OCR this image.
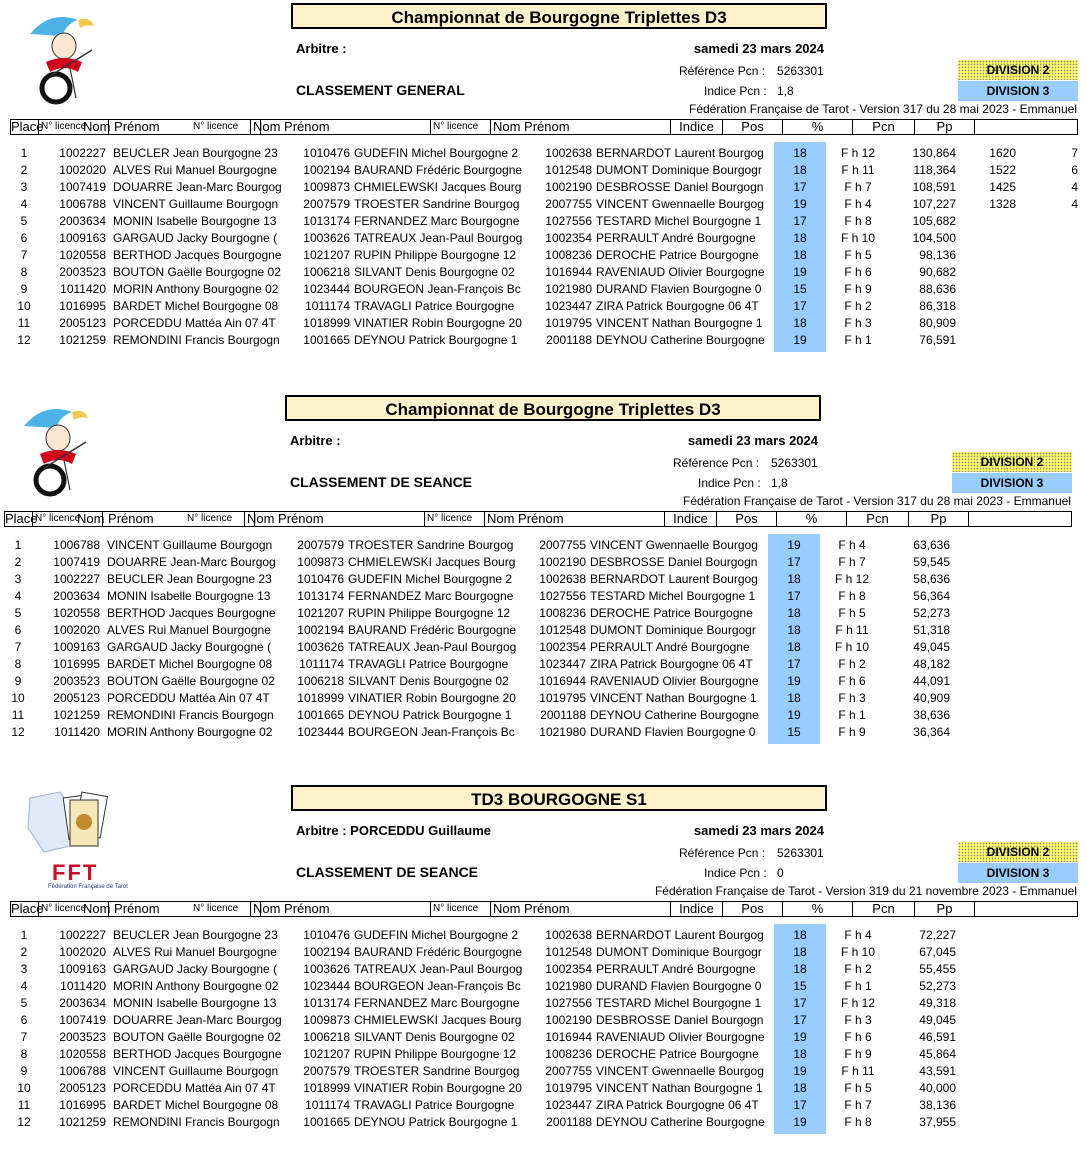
Championnat de Bourgogne Triplettes D3
Arbitre :	samedi 23 mars 2024
Référence Pcn : 5263301
Indice Pcn : 1,8
CLASSEMENT GENERAL
DIVISION 2
DIVISION 3
Fédération Française de Tarot - Version 317 du 28 mai 2023 - Emmanuel
Place
N° licence
Nom Prénom	N° licence	Nom Prénom	N° licence	Nom Prénom	Indice	Pos	%	Pcn	Pp
1	1002227 BEUCLER Jean Bourgogne 23	1010476 GUDEFIN Michel Bourgogne 2	1002638 BERNARDOT Laurent Bourgog	18	F h 12	130,864	1620	7
2	1002020 ALVES Rui Manuel Bourgogne	1002194 BAURAND Frédéric Bourgogne	1012548 DUMONT Dominique Bourgogr	18	F h 11	118,364	1522	6
3	1007419 DOUARRE Jean-Marc Bourgog	1009873 CHMIELEWSKI Jacques Bourg	1002190 DESBROSSE Daniel Bourgogn	17	F h 7	108,591	1425	4
4	1006788 VINCENT Guillaume Bourgogn	2007579 TROESTER Sandrine Bourgog	2007755 VINCENT Gwennaelle Bourgog	19	F h 4	107,227	1328	4
5	2003634 MONIN Isabelle Bourgogne 13	1013174 FERNANDEZ Marc Bourgogne	1027556 TESTARD Michel Bourgogne 1	17	F h 8	105,682
6	1009163 GARGAUD Jacky Bourgogne (	1003626 TATREAUX Jean-Paul Bourgog	1002354 PERRAULT André Bourgogne	18	F h 10	104,500
7	1020558 BERTHOD Jacques Bourgogne	1021207 RUPIN Philippe Bourgogne 12	1008236 DEROCHE Patrice Bourgogne	18	F h 5	98,136
8	2003523 BOUTON Gaëlle Bourgogne 02	1006218 SILVANT Denis Bourgogne 02	1016944 RAVENIAUD Olivier Bourgogne	19	F h 6	90,682
9	1011420 MORIN Anthony Bourgogne 02	1023444 BOURGEON Jean-François Bc	1021980 DURAND Flavien Bourgogne 0	15	F h 9	88,636
10	1016995 BARDET Michel Bourgogne 08	1011174 TRAVAGLI Patrice Bourgogne	1023447 ZIRA Patrick Bourgogne 06 4T	17	F h 2	86,318
11	2005123 PORCEDDU Mattéa Ain 07 4T	1018999 VINATIER Robin Bourgogne 20	1019795 VINCENT Nathan Bourgogne 1	18	F h 3	80,909
12	1021259 REMONDINI Francis Bourgogn	1001665 DEYNOU Patrick Bourgogne 1	2001188 DEYNOU Catherine Bourgogne	19	F h 1	76,591
Championnat de Bourgogne Triplettes D3
Arbitre :	samedi 23 mars 2024
Référence Pcn : 5263301
Indice Pcn : 1,8
CLASSEMENT DE SEANCE
DIVISION 2
DIVISION 3
Fédération Française de Tarot - Version 317 du 28 mai 2023 - Emmanuel
Place
N° licence
Nom Prénom	N° licence	Nom Prénom	N° licence	Nom Prénom	Indice	Pos	%	Pcn	Pp
1	1006788 VINCENT Guillaume Bourgogn	2007579 TROESTER Sandrine Bourgog	2007755 VINCENT Gwennaelle Bourgog	19	F h 4	63,636
2	1007419 DOUARRE Jean-Marc Bourgog	1009873 CHMIELEWSKI Jacques Bourg	1002190 DESBROSSE Daniel Bourgogn	17	F h 7	59,545
3	1002227 BEUCLER Jean Bourgogne 23	1010476 GUDEFIN Michel Bourgogne 2	1002638 BERNARDOT Laurent Bourgog	18	F h 12	58,636
4	2003634 MONIN Isabelle Bourgogne 13	1013174 FERNANDEZ Marc Bourgogne	1027556 TESTARD Michel Bourgogne 1	17	F h 8	56,364
5	1020558 BERTHOD Jacques Bourgogne	1021207 RUPIN Philippe Bourgogne 12	1008236 DEROCHE Patrice Bourgogne	18	F h 5	52,273
6	1002020 ALVES Rui Manuel Bourgogne	1002194 BAURAND Frédéric Bourgogne	1012548 DUMONT Dominique Bourgogr	18	F h 11	51,318
7	1009163 GARGAUD Jacky Bourgogne (	1003626 TATREAUX Jean-Paul Bourgog	1002354 PERRAULT André Bourgogne	18	F h 10	49,045
8	1016995 BARDET Michel Bourgogne 08	1011174 TRAVAGLI Patrice Bourgogne	1023447 ZIRA Patrick Bourgogne 06 4T	17	F h 2	48,182
9	2003523 BOUTON Gaëlle Bourgogne 02	1006218 SILVANT Denis Bourgogne 02	1016944 RAVENIAUD Olivier Bourgogne	19	F h 6	44,091
10	2005123 PORCEDDU Mattéa Ain 07 4T	1018999 VINATIER Robin Bourgogne 20	1019795 VINCENT Nathan Bourgogne 1	18	F h 3	40,909
11	1021259 REMONDINI Francis Bourgogn	1001665 DEYNOU Patrick Bourgogne 1	2001188 DEYNOU Catherine Bourgogne	19	F h 1	38,636
12	1011420 MORIN Anthony Bourgogne 02	1023444 BOURGEON Jean-François Bc	1021980 DURAND Flavien Bourgogne 0	15	F h 9	36,364
FFT
Fédération Française de Tarot
TD3 BOURGOGNE S1
Arbitre : PORCEDDU Guillaume	samedi 23 mars 2024
Référence Pcn : 5263301
Indice Pcn : 0
CLASSEMENT DE SEANCE
DIVISION 2
DIVISION 3
Fédération Française de Tarot - Version 319 du 21 novembre 2023 - Emmanuel
Place
N° licence
Nom Prénom	N° licence	Nom Prénom	N° licence	Nom Prénom	Indice	Pos	%	Pcn	Pp
1	1002227 BEUCLER Jean Bourgogne 23	1010476 GUDEFIN Michel Bourgogne 2	1002638 BERNARDOT Laurent Bourgog	18	F h 4	72,227
2	1002020 ALVES Rui Manuel Bourgogne	1002194 BAURAND Frédéric Bourgogne	1012548 DUMONT Dominique Bourgogr	18	F h 10	67,045
3	1009163 GARGAUD Jacky Bourgogne (	1003626 TATREAUX Jean-Paul Bourgog	1002354 PERRAULT André Bourgogne	18	F h 2	55,455
4	1011420 MORIN Anthony Bourgogne 02	1023444 BOURGEON Jean-François Bc	1021980 DURAND Flavien Bourgogne 0	15	F h 1	52,273
5	2003634 MONIN Isabelle Bourgogne 13	1013174 FERNANDEZ Marc Bourgogne	1027556 TESTARD Michel Bourgogne 1	17	F h 12	49,318
6	1007419 DOUARRE Jean-Marc Bourgog	1009873 CHMIELEWSKI Jacques Bourg	1002190 DESBROSSE Daniel Bourgogn	17	F h 3	49,045
7	2003523 BOUTON Gaëlle Bourgogne 02	1006218 SILVANT Denis Bourgogne 02	1016944 RAVENIAUD Olivier Bourgogne	19	F h 6	46,591
8	1020558 BERTHOD Jacques Bourgogne	1021207 RUPIN Philippe Bourgogne 12	1008236 DEROCHE Patrice Bourgogne	18	F h 9	45,864
9	1006788 VINCENT Guillaume Bourgogn	2007579 TROESTER Sandrine Bourgog	2007755 VINCENT Gwennaelle Bourgog	19	F h 11	43,591
10	2005123 PORCEDDU Mattéa Ain 07 4T	1018999 VINATIER Robin Bourgogne 20	1019795 VINCENT Nathan Bourgogne 1	18	F h 5	40,000
11	1016995 BARDET Michel Bourgogne 08	1011174 TRAVAGLI Patrice Bourgogne	1023447 ZIRA Patrick Bourgogne 06 4T	17	F h 7	38,136
12	1021259 REMONDINI Francis Bourgogn	1001665 DEYNOU Patrick Bourgogne 1	2001188 DEYNOU Catherine Bourgogne	19	F h 8	37,955
